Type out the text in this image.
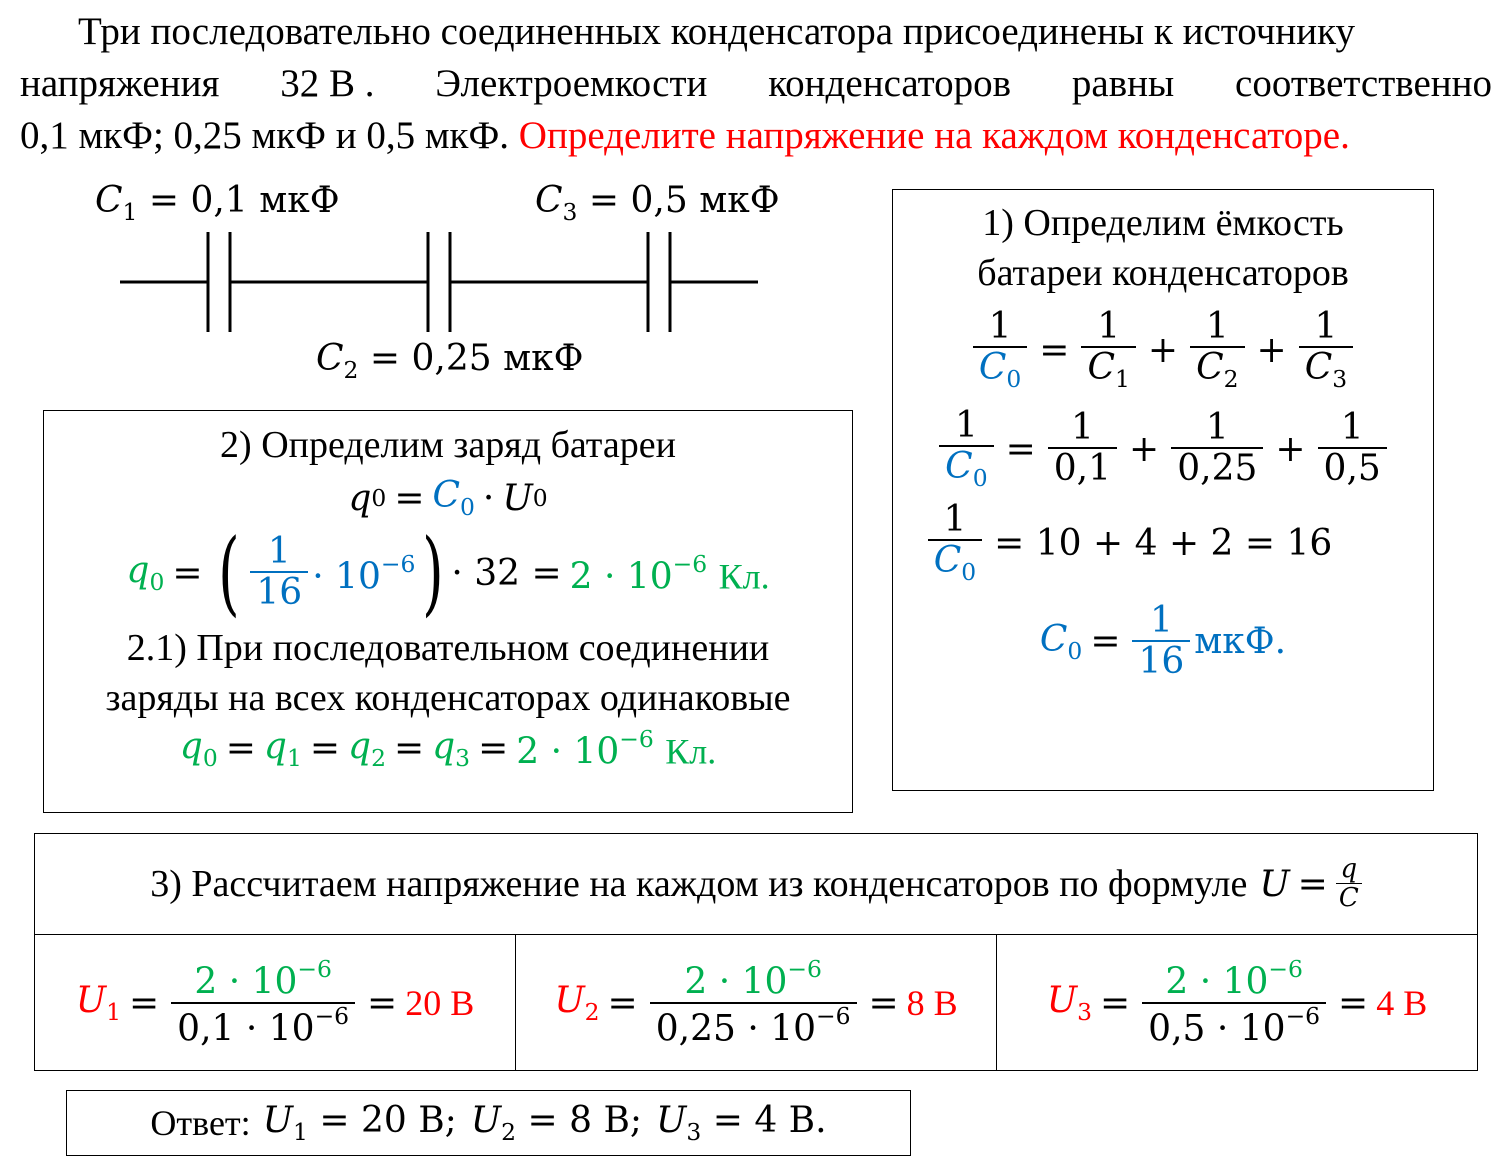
Три последовательно соединенных конденсатора присоединены к источнику
напряжения 32 В . Электроемкости конденсаторов равны соответственно
0,1 мкФ; 0,25 мкФ и 0,5 мкФ. Определите напряжение на каждом конденсаторе.
$C_1 = 0,1$ мкФ	$C_3 = 0,5$ мкФ
$C_2 = 0,25$ мкФ
1) Определим ёмкость
батареи конденсаторов
$\frac{1}{C_0} = \frac{1}{C_1} + \frac{1}{C_2} + \frac{1}{C_3}$
$\frac{1}{C_0} = \frac{1}{0,1} + \frac{1}{0,25} + \frac{1}{0,5}$
$\frac{1}{C_0} = 10 + 4 + 2 = 16$
$C_0 = \frac{1}{16}$ мкФ.
2) Определим заряд батареи
q $0 = C_0 \cdot U$ 0
$q_0$ = ( $\frac{1}{16} \cdot 10^{-6}$ ) · $32 = 2 \cdot 10^{-6}$ Кл.
2.1) При последовательном соединении
заряды на всех конденсаторах одинаковые
$q_0 = q_1 = q_2 = q_3 = 2 \cdot 10^{-6}$ Кл.
3) Рассчитаем напряжение на каждом из конденсаторов по формуле $U = \frac{q}{C}$
$U_1 = \frac{2 \cdot 10^{-6}}{0,1 \cdot 10^{-6}} = 20$ В $U_2 = \frac{2 \cdot 10^{-6}}{0,25 \cdot 10^{-6}} = 8$ В $U_3 = \frac{2 \cdot 10^{-6}}{0,5 \cdot 10^{-6}} = 4$ В
Ответ: $U_1 = 20$ В; $U_2 = 8$ В; $U_3 = 4$ В.
